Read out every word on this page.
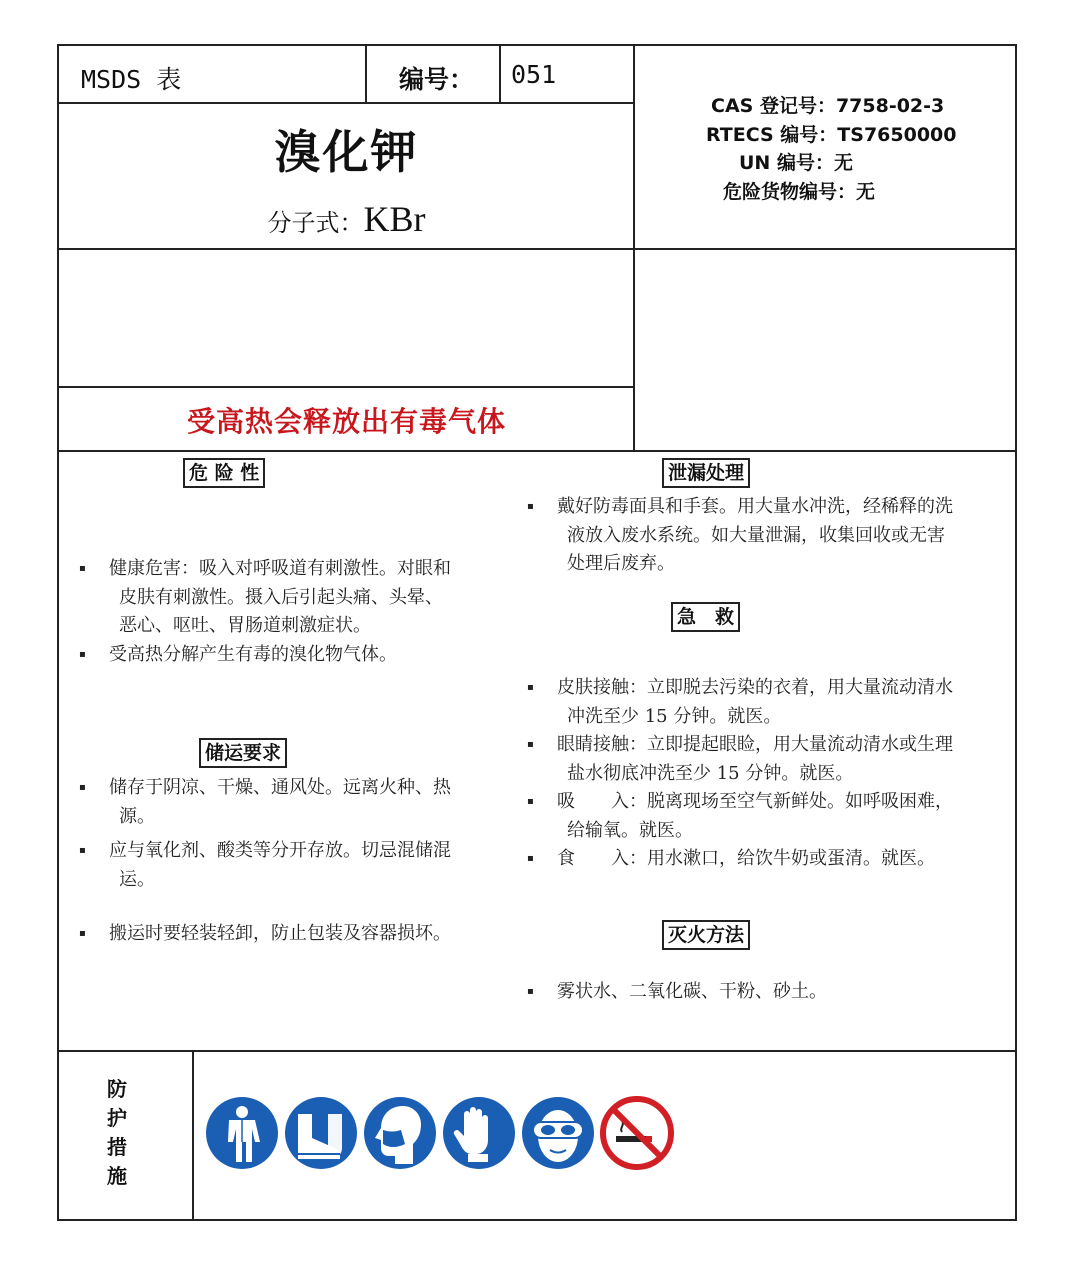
MSDS 表	编号： 051
溴化钾
分子式：KBr
CAS 登记号：7758-02-3
RTECS 编号：TS7650000
UN 编号：无
危险货物编号：无
受高热会释放出有毒气体
危 险 性
储运要求
泄漏处理
急　救
灭火方法
▪ 健康危害：吸入对呼吸道有刺激性。对眼和
皮肤有刺激性。摄入后引起头痛、头晕、
恶心、呕吐、胃肠道刺激症状。
▪ 受高热分解产生有毒的溴化物气体。
▪ 储存于阴凉、干燥、通风处。远离火种、热
源。
▪ 应与氧化剂、酸类等分开存放。切忌混储混
运。
▪ 搬运时要轻装轻卸，防止包装及容器损坏。
▪ 戴好防毒面具和手套。用大量水冲洗，经稀释的洗
液放入废水系统。如大量泄漏，收集回收或无害
处理后废弃。
▪ 皮肤接触：立即脱去污染的衣着，用大量流动清水
冲洗至少 15 分钟。就医。
▪ 眼睛接触：立即提起眼睑，用大量流动清水或生理
盐水彻底冲洗至少 15 分钟。就医。
▪ 吸　　入：脱离现场至空气新鲜处。如呼吸困难，
给输氧。就医。
▪ 食　　入：用水漱口，给饮牛奶或蛋清。就医。
▪ 雾状水、二氧化碳、干粉、砂土。
防
护
措
施
